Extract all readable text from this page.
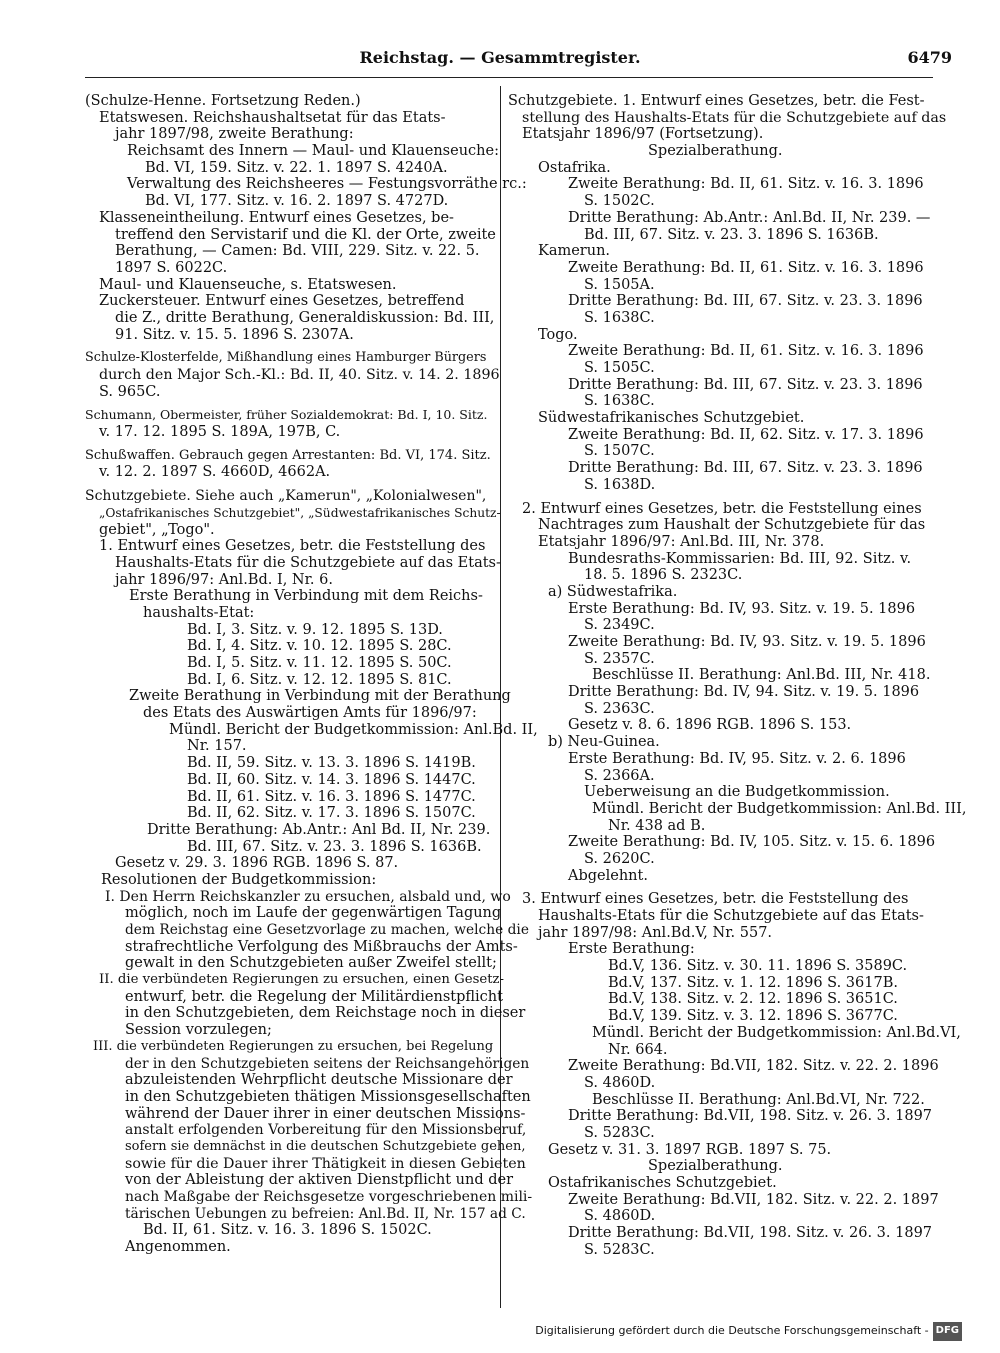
Reichstag. — Gesammtregister.	6479
(Schulze-Henne. Fortsetzung Reden.)
Etatswesen. Reichshaushaltsetat für das Etats-
jahr 1897/98, zweite Berathung:
Reichsamt des Innern — Maul- und Klauenseuche:
Bd. VI, 159. Sitz. v. 22. 1. 1897 S. 4240A.
Verwaltung des Reichsheeres — Festungsvorräthe rc.:
Bd. VI, 177. Sitz. v. 16. 2. 1897 S. 4727D.
Klasseneintheilung. Entwurf eines Gesetzes, be-
treffend den Servistarif und die Kl. der Orte, zweite
Berathung, — Camen: Bd. VIII, 229. Sitz. v. 22. 5.
1897 S. 6022C.
Maul- und Klauenseuche, s. Etatswesen.
Zuckersteuer. Entwurf eines Gesetzes, betreffend
die Z., dritte Berathung, Generaldiskussion: Bd. III,
91. Sitz. v. 15. 5. 1896 S. 2307A.
Schulze-Klosterfelde, Mißhandlung eines Hamburger Bürgers
durch den Major Sch.-Kl.: Bd. II, 40. Sitz. v. 14. 2. 1896
S. 965C.
Schumann, Obermeister, früher Sozialdemokrat: Bd. I, 10. Sitz.
v. 17. 12. 1895 S. 189A, 197B, C.
Schußwaffen. Gebrauch gegen Arrestanten: Bd. VI, 174. Sitz.
v. 12. 2. 1897 S. 4660D, 4662A.
Schutzgebiete. Siehe auch „Kamerun", „Kolonialwesen",
„Ostafrikanisches Schutzgebiet", „Südwestafrikanisches Schutz-
gebiet", „Togo".
1. Entwurf eines Gesetzes, betr. die Feststellung des
Haushalts-Etats für die Schutzgebiete auf das Etats-
jahr 1896/97: Anl.Bd. I, Nr. 6.
Erste Berathung in Verbindung mit dem Reichs-
haushalts-Etat:
Bd. I, 3. Sitz. v. 9. 12. 1895 S. 13D.
Bd. I, 4. Sitz. v. 10. 12. 1895 S. 28C.
Bd. I, 5. Sitz. v. 11. 12. 1895 S. 50C.
Bd. I, 6. Sitz. v. 12. 12. 1895 S. 81C.
Zweite Berathung in Verbindung mit der Berathung
des Etats des Auswärtigen Amts für 1896/97:
Mündl. Bericht der Budgetkommission: Anl.Bd. II,
Nr. 157.
Bd. II, 59. Sitz. v. 13. 3. 1896 S. 1419B.
Bd. II, 60. Sitz. v. 14. 3. 1896 S. 1447C.
Bd. II, 61. Sitz. v. 16. 3. 1896 S. 1477C.
Bd. II, 62. Sitz. v. 17. 3. 1896 S. 1507C.
Dritte Berathung: Ab.Antr.: Anl Bd. II, Nr. 239.
Bd. III, 67. Sitz. v. 23. 3. 1896 S. 1636B.
Gesetz v. 29. 3. 1896 RGB. 1896 S. 87.
Resolutionen der Budgetkommission:
I. Den Herrn Reichskanzler zu ersuchen, alsbald und, wo
möglich, noch im Laufe der gegenwärtigen Tagung
dem Reichstag eine Gesetzvorlage zu machen, welche die
strafrechtliche Verfolgung des Mißbrauchs der Amts-
gewalt in den Schutzgebieten außer Zweifel stellt;
II. die verbündeten Regierungen zu ersuchen, einen Gesetz-
entwurf, betr. die Regelung der Militärdienstpflicht
in den Schutzgebieten, dem Reichstage noch in dieser
Session vorzulegen;
III. die verbündeten Regierungen zu ersuchen, bei Regelung
der in den Schutzgebieten seitens der Reichsangehörigen
abzuleistenden Wehrpflicht deutsche Missionare der
in den Schutzgebieten thätigen Missionsgesellschaften
während der Dauer ihrer in einer deutschen Missions-
anstalt erfolgenden Vorbereitung für den Missionsberuf,
sofern sie demnächst in die deutschen Schutzgebiete gehen,
sowie für die Dauer ihrer Thätigkeit in diesen Gebieten
von der Ableistung der aktiven Dienstpflicht und der
nach Maßgabe der Reichsgesetze vorgeschriebenen mili-
tärischen Uebungen zu befreien: Anl.Bd. II, Nr. 157 ad C.
Bd. II, 61. Sitz. v. 16. 3. 1896 S. 1502C.
Angenommen.
Schutzgebiete. 1. Entwurf eines Gesetzes, betr. die Fest-
stellung des Haushalts-Etats für die Schutzgebiete auf das
Etatsjahr 1896/97 (Fortsetzung).
Spezialberathung.
Ostafrika.
Zweite Berathung: Bd. II, 61. Sitz. v. 16. 3. 1896
S. 1502C.
Dritte Berathung: Ab.Antr.: Anl.Bd. II, Nr. 239. —
Bd. III, 67. Sitz. v. 23. 3. 1896 S. 1636B.
Kamerun.
Zweite Berathung: Bd. II, 61. Sitz. v. 16. 3. 1896
S. 1505A.
Dritte Berathung: Bd. III, 67. Sitz. v. 23. 3. 1896
S. 1638C.
Togo.
Zweite Berathung: Bd. II, 61. Sitz. v. 16. 3. 1896
S. 1505C.
Dritte Berathung: Bd. III, 67. Sitz. v. 23. 3. 1896
S. 1638C.
Südwestafrikanisches Schutzgebiet.
Zweite Berathung: Bd. II, 62. Sitz. v. 17. 3. 1896
S. 1507C.
Dritte Berathung: Bd. III, 67. Sitz. v. 23. 3. 1896
S. 1638D.
2. Entwurf eines Gesetzes, betr. die Feststellung eines
Nachtrages zum Haushalt der Schutzgebiete für das
Etatsjahr 1896/97: Anl.Bd. III, Nr. 378.
Bundesraths-Kommissarien: Bd. III, 92. Sitz. v.
18. 5. 1896 S. 2323C.
a) Südwestafrika.
Erste Berathung: Bd. IV, 93. Sitz. v. 19. 5. 1896
S. 2349C.
Zweite Berathung: Bd. IV, 93. Sitz. v. 19. 5. 1896
S. 2357C.
Beschlüsse II. Berathung: Anl.Bd. III, Nr. 418.
Dritte Berathung: Bd. IV, 94. Sitz. v. 19. 5. 1896
S. 2363C.
Gesetz v. 8. 6. 1896 RGB. 1896 S. 153.
b) Neu-Guinea.
Erste Berathung: Bd. IV, 95. Sitz. v. 2. 6. 1896
S. 2366A.
Ueberweisung an die Budgetkommission.
Mündl. Bericht der Budgetkommission: Anl.Bd. III,
Nr. 438 ad B.
Zweite Berathung: Bd. IV, 105. Sitz. v. 15. 6. 1896
S. 2620C.
Abgelehnt.
3. Entwurf eines Gesetzes, betr. die Feststellung des
Haushalts-Etats für die Schutzgebiete auf das Etats-
jahr 1897/98: Anl.Bd.V, Nr. 557.
Erste Berathung:
Bd.V, 136. Sitz. v. 30. 11. 1896 S. 3589C.
Bd.V, 137. Sitz. v. 1. 12. 1896 S. 3617B.
Bd.V, 138. Sitz. v. 2. 12. 1896 S. 3651C.
Bd.V, 139. Sitz. v. 3. 12. 1896 S. 3677C.
Mündl. Bericht der Budgetkommission: Anl.Bd.VI,
Nr. 664.
Zweite Berathung: Bd.VII, 182. Sitz. v. 22. 2. 1896
S. 4860D.
Beschlüsse II. Berathung: Anl.Bd.VI, Nr. 722.
Dritte Berathung: Bd.VII, 198. Sitz. v. 26. 3. 1897
S. 5283C.
Gesetz v. 31. 3. 1897 RGB. 1897 S. 75.
Spezialberathung.
Ostafrikanisches Schutzgebiet.
Zweite Berathung: Bd.VII, 182. Sitz. v. 22. 2. 1897
S. 4860D.
Dritte Berathung: Bd.VII, 198. Sitz. v. 26. 3. 1897
S. 5283C.
Digitalisierung gefördert durch die Deutsche Forschungsgemeinschaft - DFG
